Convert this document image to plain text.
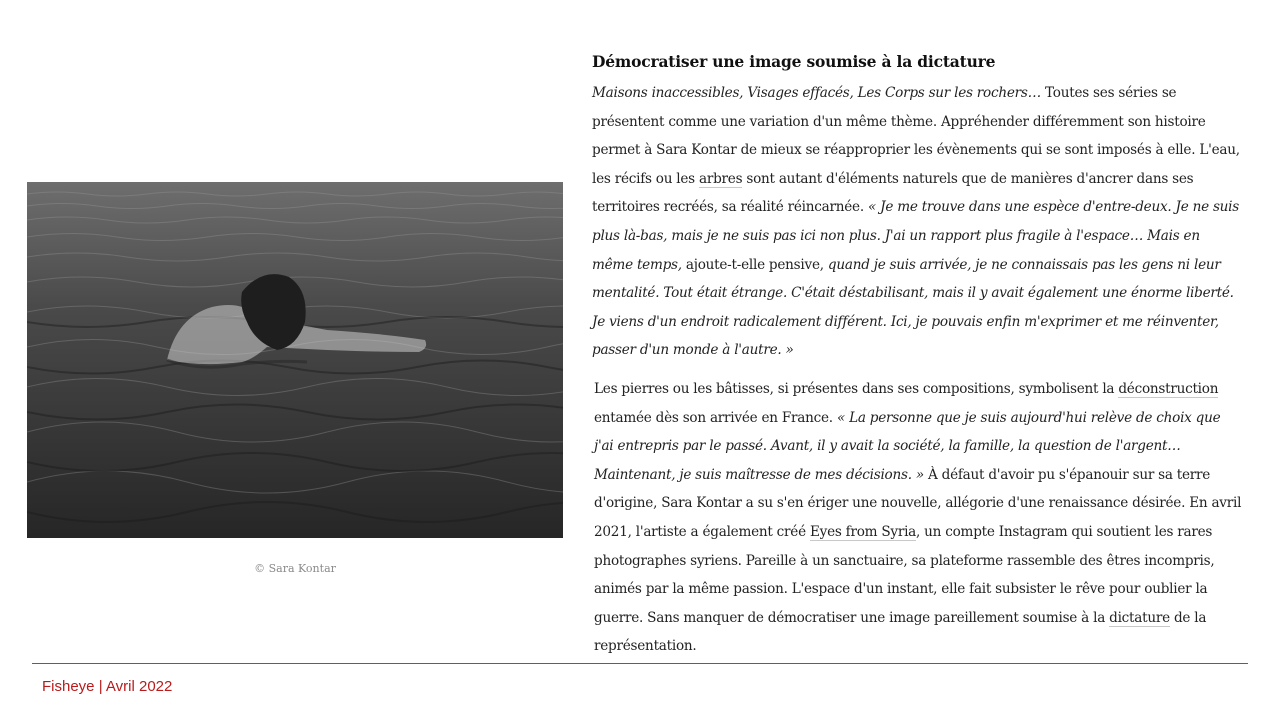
© Sara Kontar
Démocratiser une image soumise à la dictature

Maisons inaccessibles, Visages effacés, Les Corps sur les rochers… Toutes ses séries se présentent comme une variation d'un même thème. Appréhender différemment son histoire permet à Sara Kontar de mieux se réapproprier les évènements qui se sont imposés à elle. L'eau, les récifs ou les arbres sont autant d'éléments naturels que de manières d'ancrer dans ses territoires recréés, sa réalité réincarnée. « Je me trouve dans une espèce d'entre-deux. Je ne suis plus là-bas, mais je ne suis pas ici non plus. J'ai un rapport plus fragile à l'espace… Mais en même temps, ajoute-t-elle pensive, quand je suis arrivée, je ne connaissais pas les gens ni leur mentalité. Tout était étrange. C'était déstabilisant, mais il y avait également une énorme liberté. Je viens d'un endroit radicalement différent. Ici, je pouvais enfin m'exprimer et me réinventer, passer d'un monde à l'autre. »

Les pierres ou les bâtisses, si présentes dans ses compositions, symbolisent la déconstruction entamée dès son arrivée en France. « La personne que je suis aujourd'hui relève de choix que j'ai entrepris par le passé. Avant, il y avait la société, la famille, la question de l'argent… Maintenant, je suis maîtresse de mes décisions. » À défaut d'avoir pu s'épanouir sur sa terre d'origine, Sara Kontar a su s'en ériger une nouvelle, allégorie d'une renaissance désirée. En avril 2021, l'artiste a également créé Eyes from Syria, un compte Instagram qui soutient les rares photographes syriens. Pareille à un sanctuaire, sa plateforme rassemble des êtres incompris, animés par la même passion. L'espace d'un instant, elle fait subsister le rêve pour oublier la guerre. Sans manquer de démocratiser une image pareillement soumise à la dictature de la représentation.

Fisheye | Avril 2022
